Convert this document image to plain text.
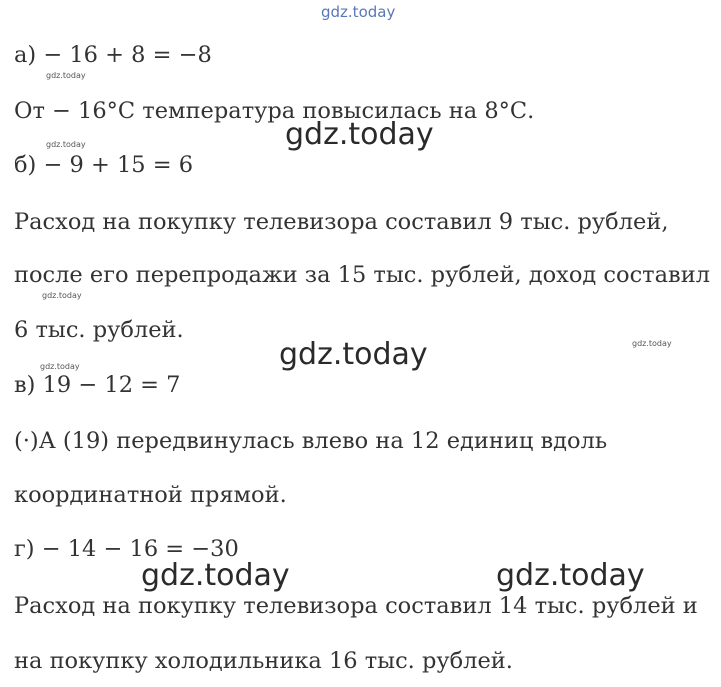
gdz.today
а) − 16 + 8 = −8
От − 16°С температура повысилась на 8°С.
б) − 9 + 15 = 6
Расход на покупку телевизора составил 9 тыс. рублей,
после его перепродажи за 15 тыс. рублей, доход составил
6 тыс. рублей.
в) 19 − 12 = 7
(·)А (19) передвинулась влево на 12 единиц вдоль
координатной прямой.
г) − 14 − 16 = −30
Расход на покупку телевизора составил 14 тыс. рублей и
на покупку холодильника 16 тыс. рублей.
gdz.today
gdz.today
gdz.today
gdz.today
gdz.today
gdz.today
gdz.today
gdz.today	gdz.today
